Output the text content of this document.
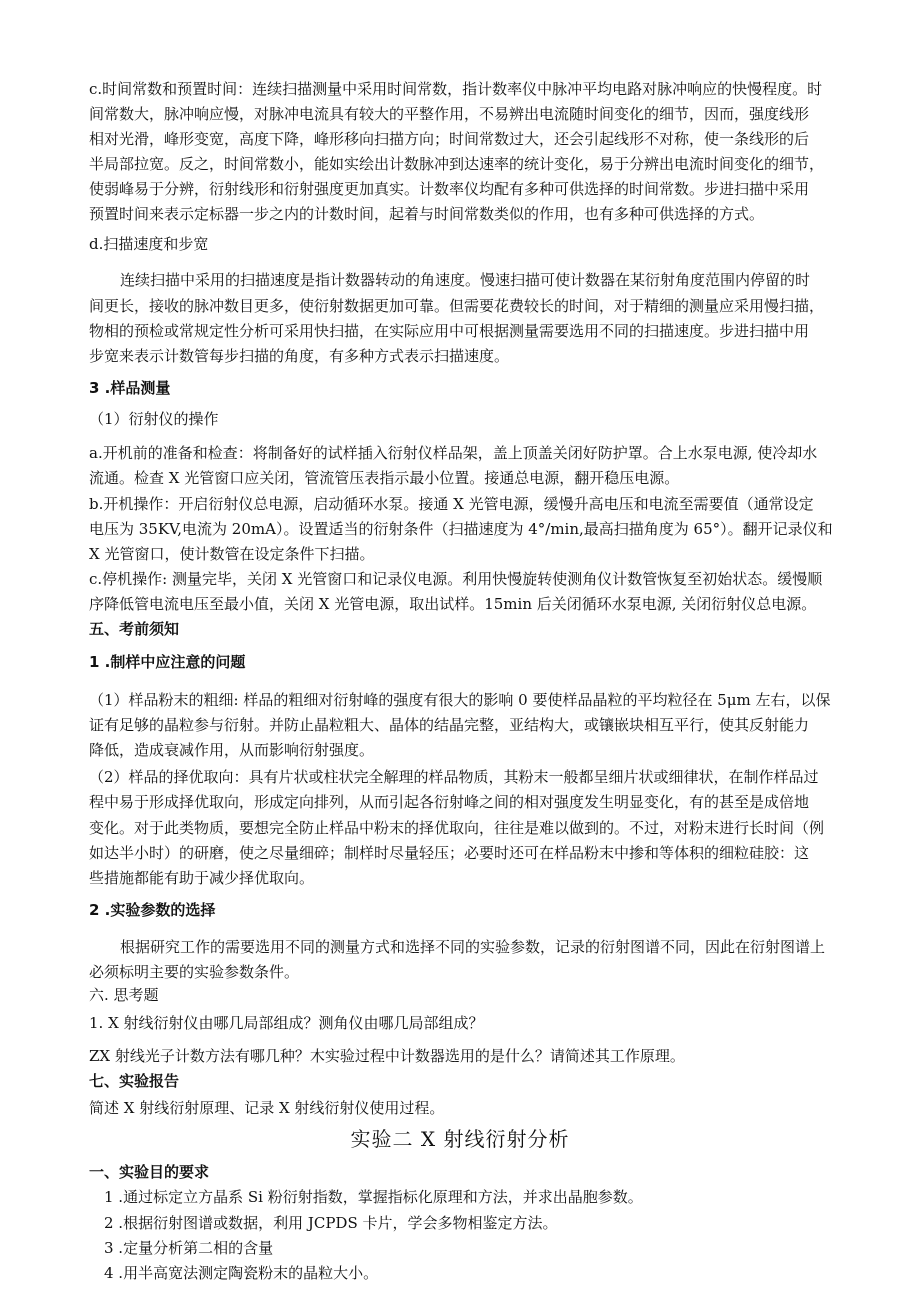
c.时间常数和预置时间：连续扫描测量中采用时间常数，指计数率仪中脉冲平均电路对脉冲响应的快慢程度。时
间常数大，脉冲响应慢，对脉冲电流具有较大的平整作用，不易辨出电流随时间变化的细节，因而，强度线形
相对光滑，峰形变宽，高度下降，峰形移向扫描方向；时间常数过大，还会引起线形不对称，使一条线形的后
半局部拉宽。反之，时间常数小，能如实绘出计数脉冲到达速率的统计变化，易于分辨出电流时间变化的细节，
使弱峰易于分辨，衍射线形和衍射强度更加真实。计数率仪均配有多种可供选择的时间常数。步进扫描中采用
预置时间来表示定标器一步之内的计数时间，起着与时间常数类似的作用，也有多种可供选择的方式。
d.扫描速度和步宽
连续扫描中采用的扫描速度是指计数器转动的角速度。慢速扫描可使计数器在某衍射角度范围内停留的时
间更长，接收的脉冲数目更多，使衍射数据更加可靠。但需要花费较长的时间，对于精细的测量应采用慢扫描，
物相的预检或常规定性分析可采用快扫描，在实际应用中可根据测量需要选用不同的扫描速度。步进扫描中用
步宽来表示计数管每步扫描的角度，有多种方式表示扫描速度。
3 .样品测量
（1）衍射仪的操作
a.开机前的准备和检查：将制备好的试样插入衍射仪样品架，盖上顶盖关闭好防护罩。合上水泵电源, 使冷却水
流通。检查 X 光管窗口应关闭，管流管压表指示最小位置。接通总电源，翻开稳压电源。
b.开机操作：开启衍射仪总电源，启动循环水泵。接通 X 光管电源，缓慢升高电压和电流至需要值（通常设定
电压为 35KV,电流为 20mA）。设置适当的衍射条件（扫描速度为 4°/min,最高扫描角度为 65°）。翻开记录仪和
X 光管窗口，使计数管在设定条件下扫描。
c.停机操作: 测量完毕，关闭 X 光管窗口和记录仪电源。利用快慢旋转使测角仪计数管恢复至初始状态。缓慢顺
序降低管电流电压至最小值，关闭 X 光管电源，取出试样。15min 后关闭循环水泵电源, 关闭衍射仪总电源。
五、考前须知
1 .制样中应注意的问题
（1）样品粉末的粗细: 样品的粗细对衍射峰的强度有很大的影响 0 要使样品晶粒的平均粒径在 5μm 左右，以保
证有足够的晶粒参与衍射。并防止晶粒粗大、晶体的结晶完整，亚结构大，或镶嵌块相互平行，使其反射能力
降低，造成衰减作用，从而影响衍射强度。
（2）样品的择优取向：具有片状或柱状完全解理的样品物质，其粉末一般都呈细片状或细律状，在制作样品过
程中易于形成择优取向，形成定向排列，从而引起各衍射峰之间的相对强度发生明显变化，有的甚至是成倍地
变化。对于此类物质，要想完全防止样品中粉末的择优取向，往往是难以做到的。不过，对粉末进行长时间（例
如达半小时）的研磨，使之尽量细碎；制样时尽量轻压；必要时还可在样品粉末中掺和等体积的细粒硅胶：这
些措施都能有助于减少择优取向。
2 .实验参数的选择
根据研究工作的需要选用不同的测量方式和选择不同的实验参数，记录的衍射图谱不同，因此在衍射图谱上
必须标明主要的实验参数条件。
六. 思考题
1. X 射线衍射仪由哪几局部组成？测角仪由哪几局部组成？
ZX 射线光子计数方法有哪几种？木实验过程中计数器选用的是什么？请简述其工作原理。
七、实验报告
简述 X 射线衍射原理、记录 X 射线衍射仪使用过程。
实验二 X 射线衍射分析
一、实验目的要求
1 .通过标定立方晶系 Si 粉衍射指数，掌握指标化原理和方法，并求出晶胞参数。
2 .根据衍射图谱或数据，利用 JCPDS 卡片，学会多物相鉴定方法。
3 .定量分析第二相的含量
4 .用半高宽法测定陶瓷粉末的晶粒大小。
